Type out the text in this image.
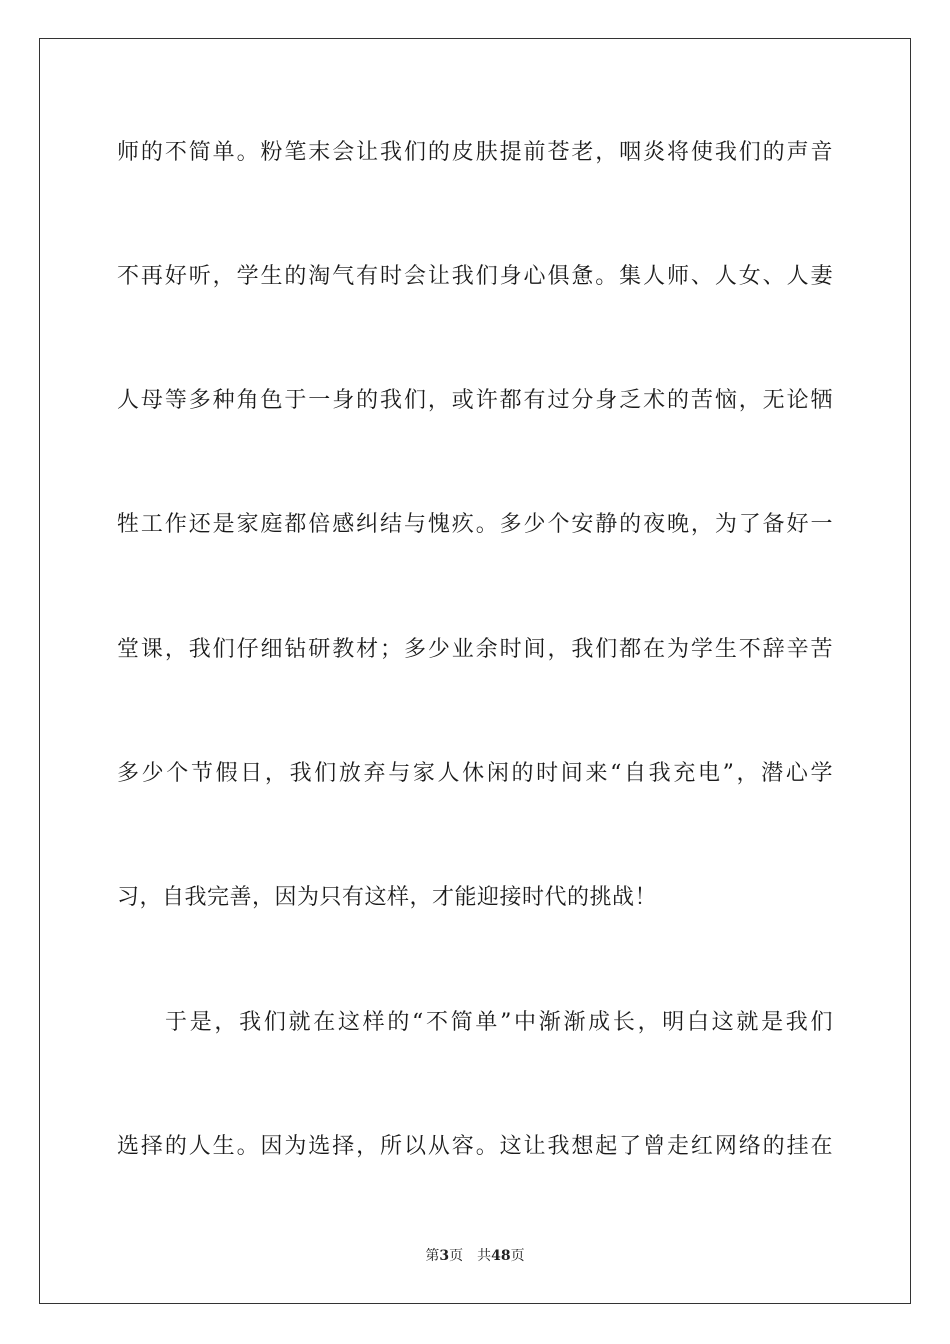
师的不简单。粉笔末会让我们的皮肤提前苍老，咽炎将使我们的声音
不再好听，学生的淘气有时会让我们身心俱惫。集人师、人女、人妻
人母等多种角色于一身的我们，或许都有过分身乏术的苦恼，无论牺
牲工作还是家庭都倍感纠结与愧疚。多少个安静的夜晚，为了备好一
堂课，我们仔细钻研教材；多少业余时间，我们都在为学生不辞辛苦
多少个节假日，我们放弃与家人休闲的时间来“自我充电”，潜心学
习，自我完善，因为只有这样，才能迎接时代的挑战！
于是，我们就在这样的“不简单”中渐渐成长，明白这就是我们
选择的人生。因为选择，所以从容。这让我想起了曾走红网络的挂在
第3页 共48页
